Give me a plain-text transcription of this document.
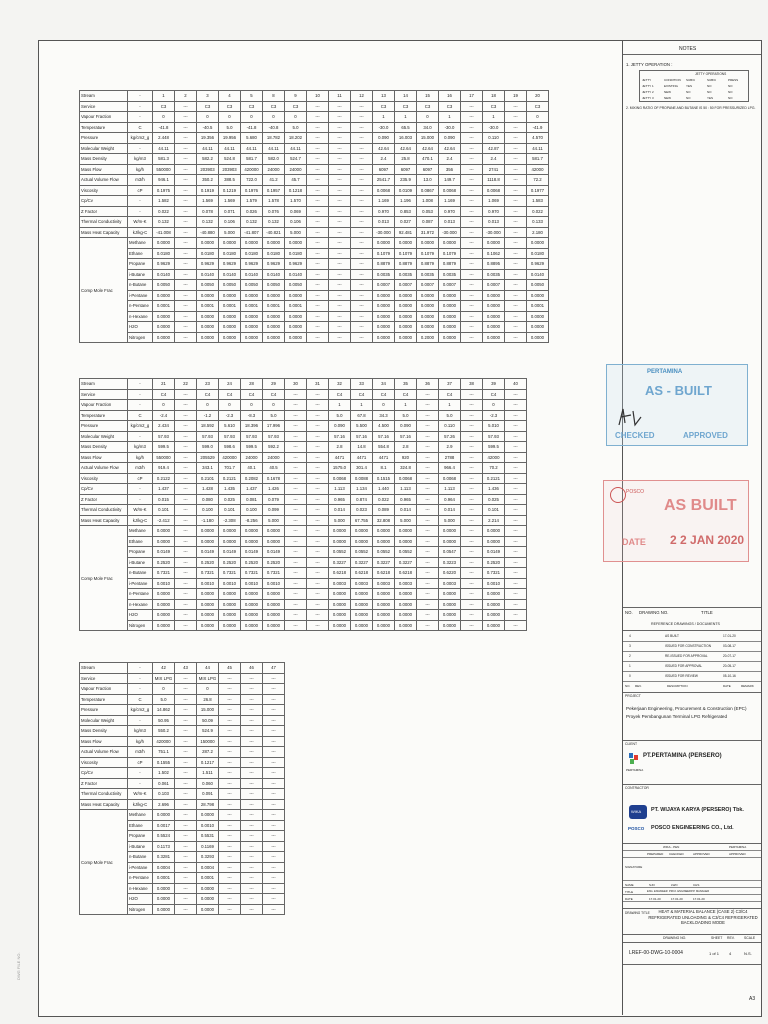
DWG FILE NO.
Stream	-	1	2	3	4	5	8	9	10	11	12	13	14	15	16	17	18	19	20
Service	-	C3	---	C3	C3	C3	C3	C3	---	---	---	C3	C3	C3	C3	---	C3	---	C3
Vapour Fraction	-	0	---	0	0	0	0	0	---	---	---	1	1	0	1	---	1	---	0
Temperature	C	-41.8	---	-40.5	5.0	-41.8	-40.8	5.0	---	---	---	-30.0	65.5	34.0	-30.0	---	-30.0	---	-41.9
Pressure	kg/cm2_g	2.448	---	19.356	19.956	5.680	18.782	18.202	---	---	---	0.090	16.003	15.000	0.090	---	0.110	---	4.570
Molecular Weight	-	44.11	---	44.11	44.11	44.11	44.11	44.11	---	---	---	42.64	42.64	42.64	42.64	---	42.87	---	44.11
Mass Density	kg/m3	581.3	---	582.2	524.8	581.7	582.0	524.7	---	---	---	2.4	25.8	470.1	2.4	---	2.4	---	581.7
Mass Flow	kg/h	550000	---	203903	203903	420000	24000	24000	---	---	---	6097	6097	6097	356	---	2741	---	42000
Actual Volume Flow	m3/h	946.1	---	350.2	388.5	722.0	41.2	45.7	---	---	---	2541.7	235.9	13.0	149.7	---	1118.8	---	72.2
Viscosity	cP	0.1975	---	0.1919	0.1219	0.1976	0.1957	0.1218	---	---	---	0.0068	0.0109	0.0867	0.0068	---	0.0068	---	0.1977
Cp/Cv	-	1.582	---	1.569	1.569	1.579	1.578	1.570	---	---	---	1.169	1.196	1.008	1.169	---	1.069	---	1.583
Z Factor	-	0.022	---	0.078	0.071	0.026	0.076	0.069	---	---	---	0.970	0.853	0.053	0.970	---	0.970	---	0.022
Thermal Conductivity	W/m-K	0.132	---	0.132	0.106	0.132	0.132	0.106	---	---	---	0.013	0.027	0.087	0.013	---	0.013	---	0.133
Mass Heat Capacity	kJ/kg-C	-41.008	---	-40.880	5.000	-41.807	-40.821	5.000	---	---	---	-30.000	92.481	31.972	-30.000	---	-30.000	---	2.180
Comp Mole Frac	Methane	0.0000	---	0.0000	0.0000	0.0000	0.0000	0.0000	---	---	---	0.0000	0.0000	0.0000	0.0000	---	0.0000	---	0.0000
	Ethane	0.0180	---	0.0180	0.0180	0.0180	0.0180	0.0180	---	---	---	0.1079	0.1079	0.1079	0.1079	---	0.1062	---	0.0180
	Propane	0.9629	---	0.9629	0.9629	0.9629	0.9629	0.9629	---	---	---	0.8879	0.8879	0.8879	0.8879	---	0.8895	---	0.9629
	i-Butane	0.0140	---	0.0140	0.0140	0.0140	0.0140	0.0140	---	---	---	0.0035	0.0035	0.0035	0.0035	---	0.0035	---	0.0140
	n-Butane	0.0050	---	0.0050	0.0050	0.0050	0.0050	0.0050	---	---	---	0.0007	0.0007	0.0007	0.0007	---	0.0007	---	0.0050
	i-Pentane	0.0000	---	0.0000	0.0000	0.0000	0.0000	0.0000	---	---	---	0.0000	0.0000	0.0000	0.0000	---	0.0000	---	0.0000
	n-Pentane	0.0001	---	0.0001	0.0001	0.0001	0.0001	0.0001	---	---	---	0.0000	0.0000	0.0000	0.0000	---	0.0000	---	0.0001
	n-Hexane	0.0000	---	0.0000	0.0000	0.0000	0.0000	0.0000	---	---	---	0.0000	0.0000	0.0000	0.0000	---	0.0000	---	0.0000
	H2O	0.0000	---	0.0000	0.0000	0.0000	0.0000	0.0000	---	---	---	0.0000	0.0000	0.0000	0.0000	---	0.0000	---	0.0000
	Nitrogen	0.0000	---	0.0000	0.0000	0.0000	0.0000	0.0000	---	---	---	0.0000	0.0000	0.2000	0.0000	---	0.0000	---	0.0000
Stream	-	21	22	23	24	28	29	30	31	32	33	34	35	36	37	38	39	40
Service	-	C4	---	C4	C4	C4	C4	---	---	C4	C4	C4	C4	---	C4	---	C4	---
Vapour Fraction	-	0	---	0	0	0	0	---	---	1	1	0	1	---	1	---	0	---
Temperature	C	-2.4	---	-1.2	-2.3	-8.3	5.0	---	---	5.0	67.8	34.3	5.0	---	5.0	---	-2.3	---
Pressure	kg/cm2_g	2.434	---	18.592	5.610	18.396	17.996	---	---	0.090	5.500	4.500	0.090	---	0.110	---	5.010	---
Molecular Weight	-	57.93	---	57.93	57.93	57.93	57.93	---	---	57.16	57.16	57.16	57.16	---	57.26	---	57.93	---
Mass Density	kg/m3	599.5	---	599.0	598.6	599.5	592.2	---	---	2.8	14.8	554.8	2.8	---	2.9	---	599.5	---
Mass Flow	kg/h	550000	---	205529	420000	24000	24000	---	---	4471	4471	4471	920	---	2788	---	42000	---
Actual Volume Flow	m3/h	919.4	---	343.1	701.7	40.1	40.5	---	---	1575.0	301.4	8.1	324.8	---	966.4	---	70.2	---
Viscosity	cP	0.2122	---	0.2101	0.2121	0.2082	0.1678	---	---	0.0068	0.0088	0.1515	0.0068	---	0.0068	---	0.2121	---
Cp/Cv	-	1.437	---	1.428	1.435	1.437	1.426	---	---	1.113	1.134	1.440	1.113	---	1.113	---	1.436	---
Z Factor	-	0.015	---	0.080	0.025	0.081	0.079	---	---	0.965	0.874	0.022	0.965	---	0.964	---	0.025	---
Thermal Conductivity	W/m-K	0.101	---	0.100	0.101	0.100	0.099	---	---	0.014	0.023	0.089	0.014	---	0.014	---	0.101	---
Mass Heat Capacity	kJ/kg-C	-2.412	---	-1.180	-2.308	-8.256	5.000	---	---	5.000	67.755	32.808	5.000	---	5.000	---	2.214	---
Comp Mole Frac	Methane	0.0000	---	0.0000	0.0000	0.0000	0.0000	---	---	0.0000	0.0000	0.0000	0.0000	---	0.0000	---	0.0000	---
	Ethane	0.0000	---	0.0000	0.0000	0.0000	0.0000	---	---	0.0000	0.0000	0.0000	0.0000	---	0.0000	---	0.0000	---
	Propane	0.0149	---	0.0149	0.0149	0.0149	0.0149	---	---	0.0552	0.0552	0.0552	0.0552	---	0.0547	---	0.0149	---
	i-Butane	0.2520	---	0.2520	0.2520	0.2520	0.2520	---	---	0.3227	0.3227	0.3227	0.3227	---	0.3223	---	0.2520	---
	n-Butane	0.7321	---	0.7321	0.7321	0.7321	0.7321	---	---	0.6218	0.6218	0.6218	0.6218	---	0.6220	---	0.7321	---
	i-Pentane	0.0010	---	0.0010	0.0010	0.0010	0.0010	---	---	0.0003	0.0003	0.0003	0.0003	---	0.0003	---	0.0010	---
	n-Pentane	0.0000	---	0.0000	0.0000	0.0000	0.0000	---	---	0.0000	0.0000	0.0000	0.0000	---	0.0000	---	0.0000	---
	n-Hexane	0.0000	---	0.0000	0.0000	0.0000	0.0000	---	---	0.0000	0.0000	0.0000	0.0000	---	0.0000	---	0.0000	---
	H2O	0.0000	---	0.0000	0.0000	0.0000	0.0000	---	---	0.0000	0.0000	0.0000	0.0000	---	0.0000	---	0.0000	---
	Nitrogen	0.0000	---	0.0000	0.0000	0.0000	0.0000	---	---	0.0000	0.0000	0.0000	0.0000	---	0.0000	---	0.0000	---
Stream	-	42	43	44	45	46	47
Service	-	MIX LPG	---	MIX LPG	---	---	---
Vapour Fraction	-	0	---	0	---	---	---
Temperature	C	5.0	---	26.8	---	---	---
Pressure	kg/cm2_g	14.862	---	15.000	---	---	---
Molecular Weight	-	50.95	---	50.09	---	---	---
Mass Density	kg/m3	550.2	---	524.9	---	---	---
Mass Flow	kg/h	420000	---	150000	---	---	---
Actual Volume Flow	m3/h	751.1	---	287.2	---	---	---
Viscosity	cP	0.1555	---	0.1217	---	---	---
Cp/Cv	-	1.502	---	1.511	---	---	---
Z Factor	-	0.061	---	0.060	---	---	---
Thermal Conductivity	W/m-K	0.103	---	0.091	---	---	---
Mass Heat Capacity	kJ/kg-C	2.696	---	28.798	---	---	---
Comp Mole Frac	Methane	0.0000	---	0.0000	---	---	---
	Ethane	0.0017	---	0.0010	---	---	---
	Propane	0.5524	---	0.5531	---	---	---
	i-Butane	0.1173	---	0.1169	---	---	---
	n-Butane	0.3281	---	0.3293	---	---	---
	i-Pentane	0.0004	---	0.0004	---	---	---
	n-Pentane	0.0001	---	0.0001	---	---	---
	n-Hexane	0.0000	---	0.0000	---	---	---
	H2O	0.0000	---	0.0000	---	---	---
	Nitrogen	0.0000	---	0.0000	---	---	---
NOTES
1. JETTY OPERATION :
JETTY OPERATIONS
JETTY	CONDITION SUB/C	SUB/C	PRESS
JETTY 1	EXISTING	YES	NO	NO
JETTY 2	NEW	NO	NO	NO
JETTY 3	NEW	NO	YES	NO
2. MIXING RATIO OF PROPANE AND BUTANE IS 50 : 50 FOR PRESSURIZED LPG.
NO. DRAWING NO.	TITLE
REFERENCE DRAWINGS / DOCUMENTS
4	AS BUILT	17-01-20
3	ISSUED FOR CONSTRUCTION	03-08-17
2	RE-ISSUED FOR APPROVAL	20-07-17
1	ISSUED FOR APPROVAL	20-05-17
0	ISSUED FOR REVIEW	05-10-16
NO. REV.	DESCRIPTION	DATE	REMARK
PROJECT
Pekerjaan Engineering, Procurement & Construction (EPC)
Proyek Pembangunan Terminal LPG Refrigerated
CLIENT
PT.PERTAMINA (PERSERO)
PERTAMINA
CONTRACTOR
WIKA PT. WIJAYA KARYA (PERSERO) Tbk.
POSCO POSCO ENGINEERING CO., Ltd.
WIKA - PEN	PERTAMINA
PREPARED CHECKED	APPROVED	APPROVED
SIGNATURE
NAME
TITLE
DATE
SJO	LWO	CHS
ENG. ENGINEER PROJ. ENGINEER P.P. MANAGER
17.01.20	17.01.20	17.01.20
DRAWING TITLE	HEAT & MATERIAL BALANCE (CASE 2) C3/C4 REFRIGERATED UNLOADING & C3/C4 REFRIGERATED BACKLOADING MODE
DRAWING NO.	SHEET REV.	SCALE
LREF-00-DWG-10-0004	1 of 1 4	N.S.
A3
PERTAMINA
AS - BUILT
CHECKED	APPROVED
POSCO
AS BUILT
DATE 2 2 JAN 2020
